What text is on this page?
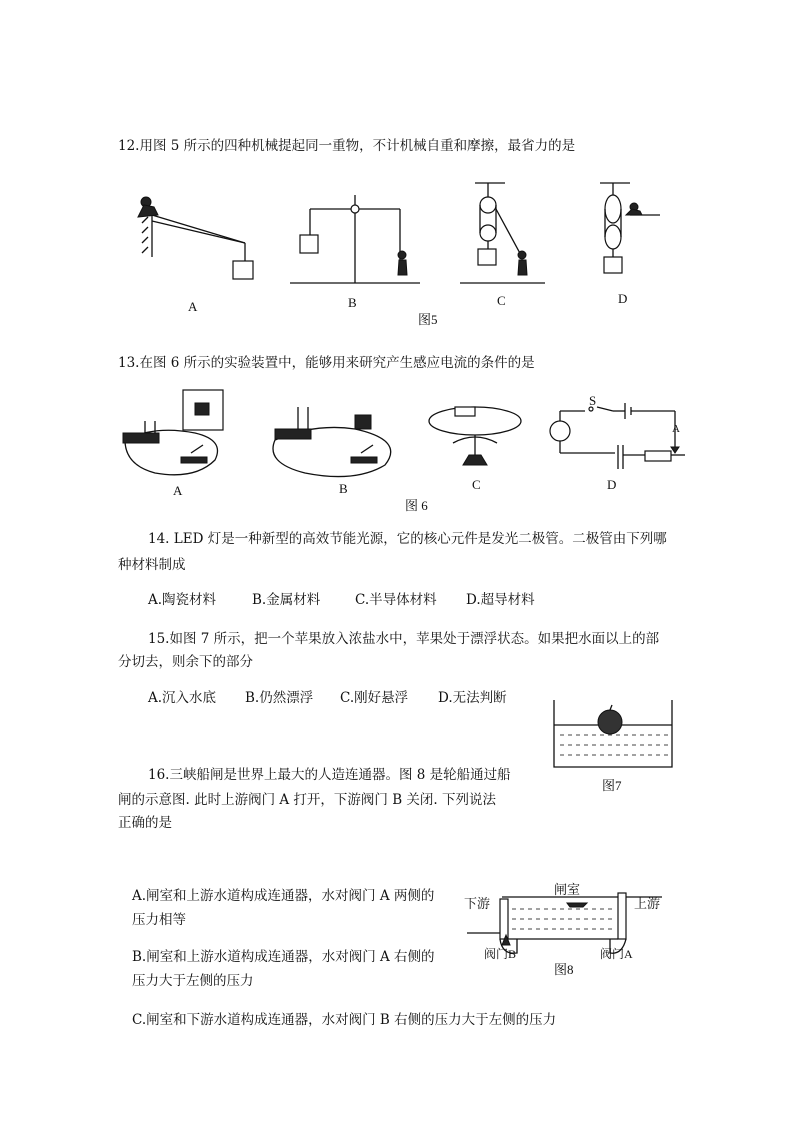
12.用图 5 所示的四种机械提起同一重物，不计机械自重和摩擦，最省力的是
A	B	C	D
图5
13.在图 6 所示的实验装置中，能够用来研究产生感应电流的条件的是
S
A
A	B	C	D
图 6
14. LED 灯是一种新型的高效节能光源，它的核心元件是发光二极管。二极管由下列哪
种材料制成
A.陶瓷材料	B.金属材料	C.半导体材料 D.超导材料
15.如图 7 所示，把一个苹果放入浓盐水中，苹果处于漂浮状态。如果把水面以上的部
分切去，则余下的部分
A.沉入水底 B.仍然漂浮 C.刚好悬浮 D.无法判断
图7
16.三峡船闸是世界上最大的人造连通器。图 8 是轮船通过船
闸的示意图. 此时上游阀门 A 打开，下游阀门 B 关闭. 下列说法
正确的是
A.闸室和上游水道构成连通器，水对阀门 A 两侧的
压力相等
B.闸室和上游水道构成连通器，水对阀门 A 右侧的
压力大于左侧的压力
C.闸室和下游水道构成连通器，水对阀门 B 右侧的压力大于左侧的压力
下游
闸室
上游
阀门B	阀门A
图8
